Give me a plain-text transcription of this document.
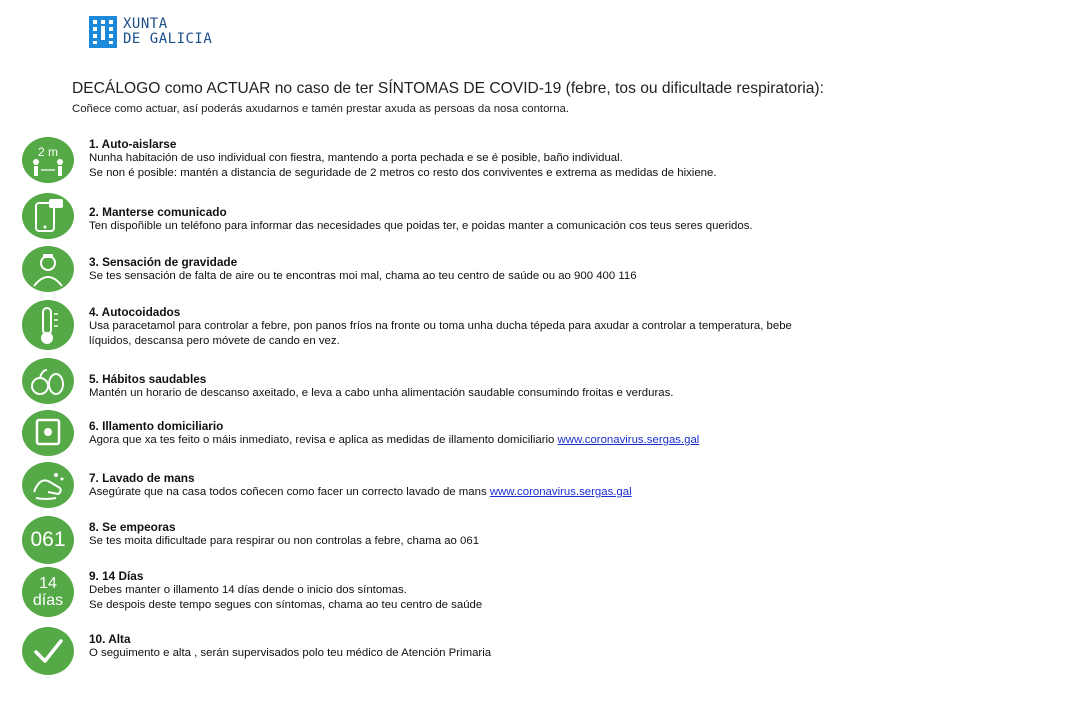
XUNTA
DE GALICIA
DECÁLOGO como ACTUAR no caso de ter SÍNTOMAS DE COVID-19 (febre, tos ou dificultade respiratoria):
Coñece como actuar, así poderás axudarnos e tamén prestar axuda as persoas da nosa contorna.
2 m
1. Auto-aislarse
Nunha habitación de uso individual con fiestra, mantendo a porta pechada e se é posible, baño individual.
Se non é posible: mantén a distancia de seguridade de 2 metros co resto dos conviventes e extrema as medidas de hixiene.
2. Manterse comunicado
Ten dispoñible un teléfono para informar das necesidades que poidas ter, e poidas manter a comunicación cos teus seres queridos.
3. Sensación de gravidade
Se tes sensación de falta de aire ou te encontras moi mal, chama ao teu centro de saúde ou ao 900 400 116
4. Autocoidados
Usa paracetamol para controlar a febre, pon panos fríos na fronte ou toma unha ducha tépeda para axudar a controlar a temperatura, bebe
líquidos, descansa pero móvete de cando en vez.
5. Hábitos saudables
Mantén un horario de descanso axeitado, e leva a cabo unha alimentación saudable consumindo froitas e verduras.
6. Illamento domiciliario
Agora que xa tes feito o máis inmediato, revisa e aplica as medidas de illamento domiciliario www.coronavirus.sergas.gal
7. Lavado de mans
Asegúrate que na casa todos coñecen como facer un correcto lavado de mans www.coronavirus.sergas.gal
061
8. Se empeoras
Se tes moita dificultade para respirar ou non controlas a febre, chama ao 061
14
días
9. 14 Días
Debes manter o illamento 14 días dende o inicio dos síntomas.
Se despois deste tempo segues con síntomas, chama ao teu centro de saúde
10. Alta
O seguimento e alta , serán supervisados polo teu médico de Atención Primaria
